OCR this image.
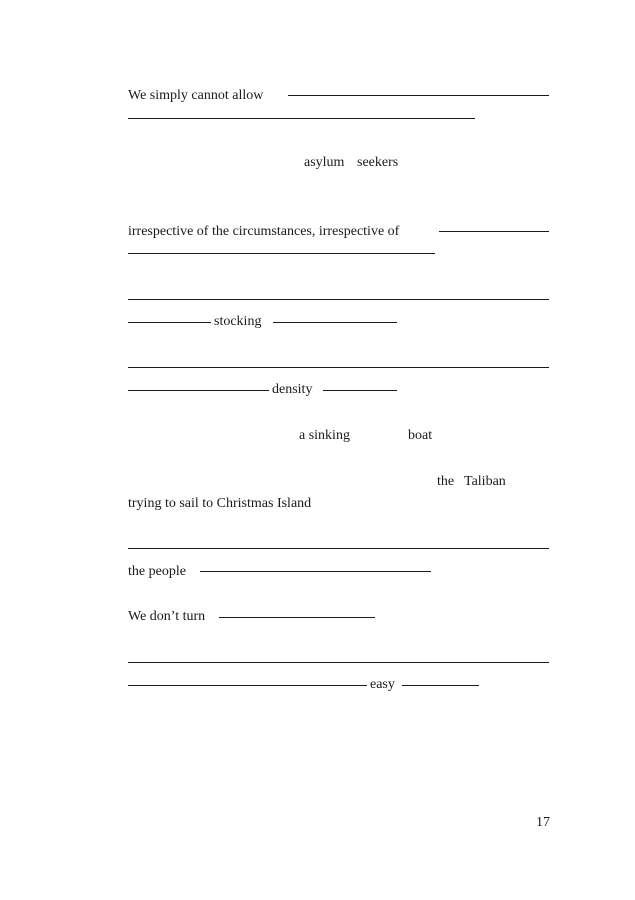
We simply cannot allow
asylum seekers
irrespective of the circumstances, irrespective of
stocking
density
a sinking	boat
the Taliban
trying to sail to Christmas Island
the people
We don’t turn
easy
17
